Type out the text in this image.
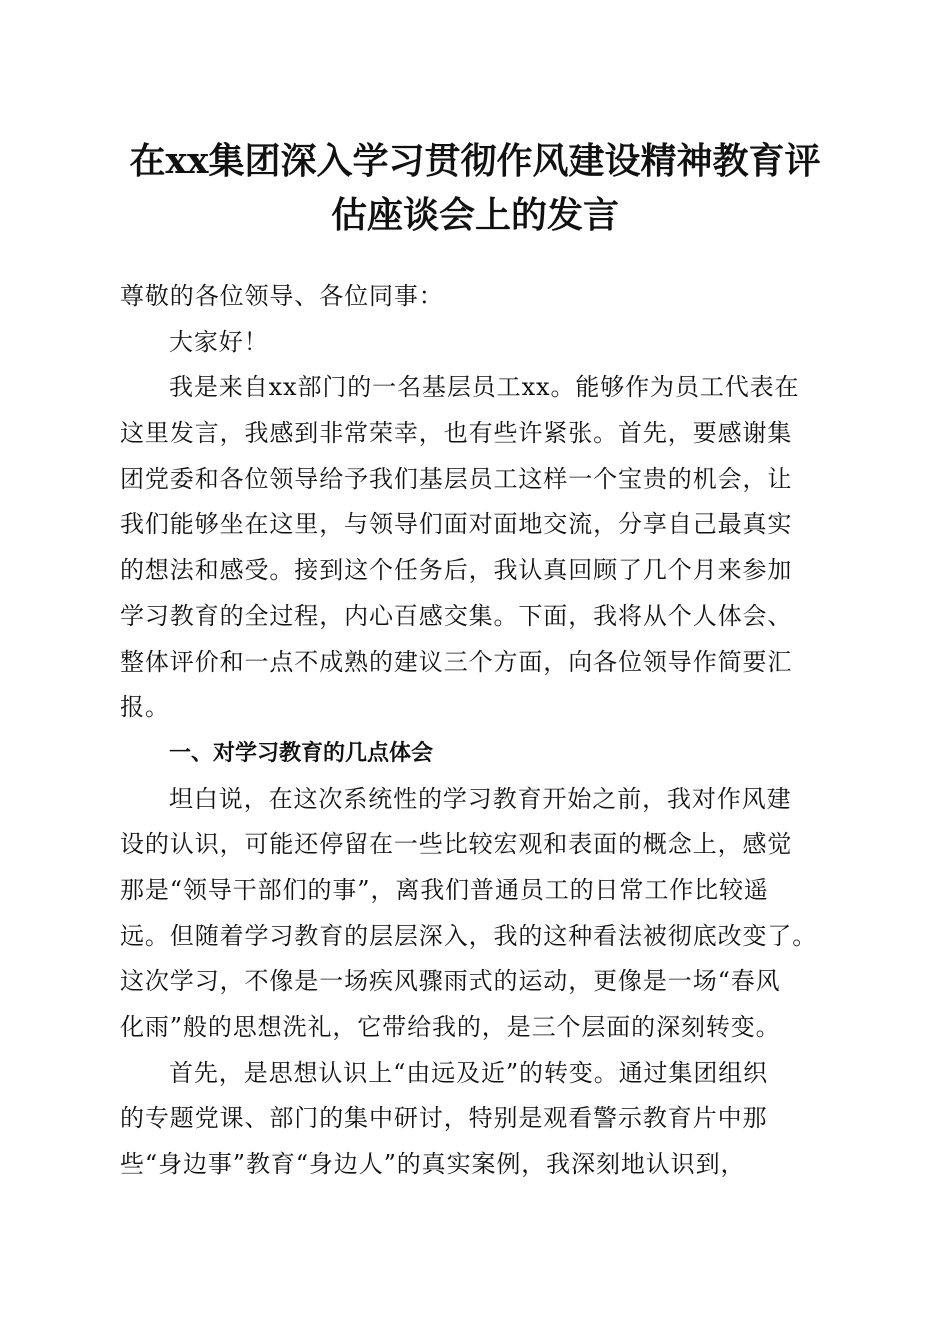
在xx集团深入学习贯彻作风建设精神教育评
估座谈会上的发言
尊敬的各位领导、各位同事：
大家好！
我是来自xx部门的一名基层员工xx。能够作为员工代表在
这里发言，我感到非常荣幸，也有些许紧张。首先，要感谢集
团党委和各位领导给予我们基层员工这样一个宝贵的机会，让
我们能够坐在这里，与领导们面对面地交流，分享自己最真实
的想法和感受。接到这个任务后，我认真回顾了几个月来参加
学习教育的全过程，内心百感交集。下面，我将从个人体会、
整体评价和一点不成熟的建议三个方面，向各位领导作简要汇
报。
一、对学习教育的几点体会
坦白说，在这次系统性的学习教育开始之前，我对作风建
设的认识，可能还停留在一些比较宏观和表面的概念上，感觉
那是“领导干部们的事”，离我们普通员工的日常工作比较遥
远。但随着学习教育的层层深入，我的这种看法被彻底改变了。
这次学习，不像是一场疾风骤雨式的运动，更像是一场“春风
化雨”般的思想洗礼，它带给我的，是三个层面的深刻转变。
首先，是思想认识上“由远及近”的转变。通过集团组织
的专题党课、部门的集中研讨，特别是观看警示教育片中那
些“身边事”教育“身边人”的真实案例，我深刻地认识到，
